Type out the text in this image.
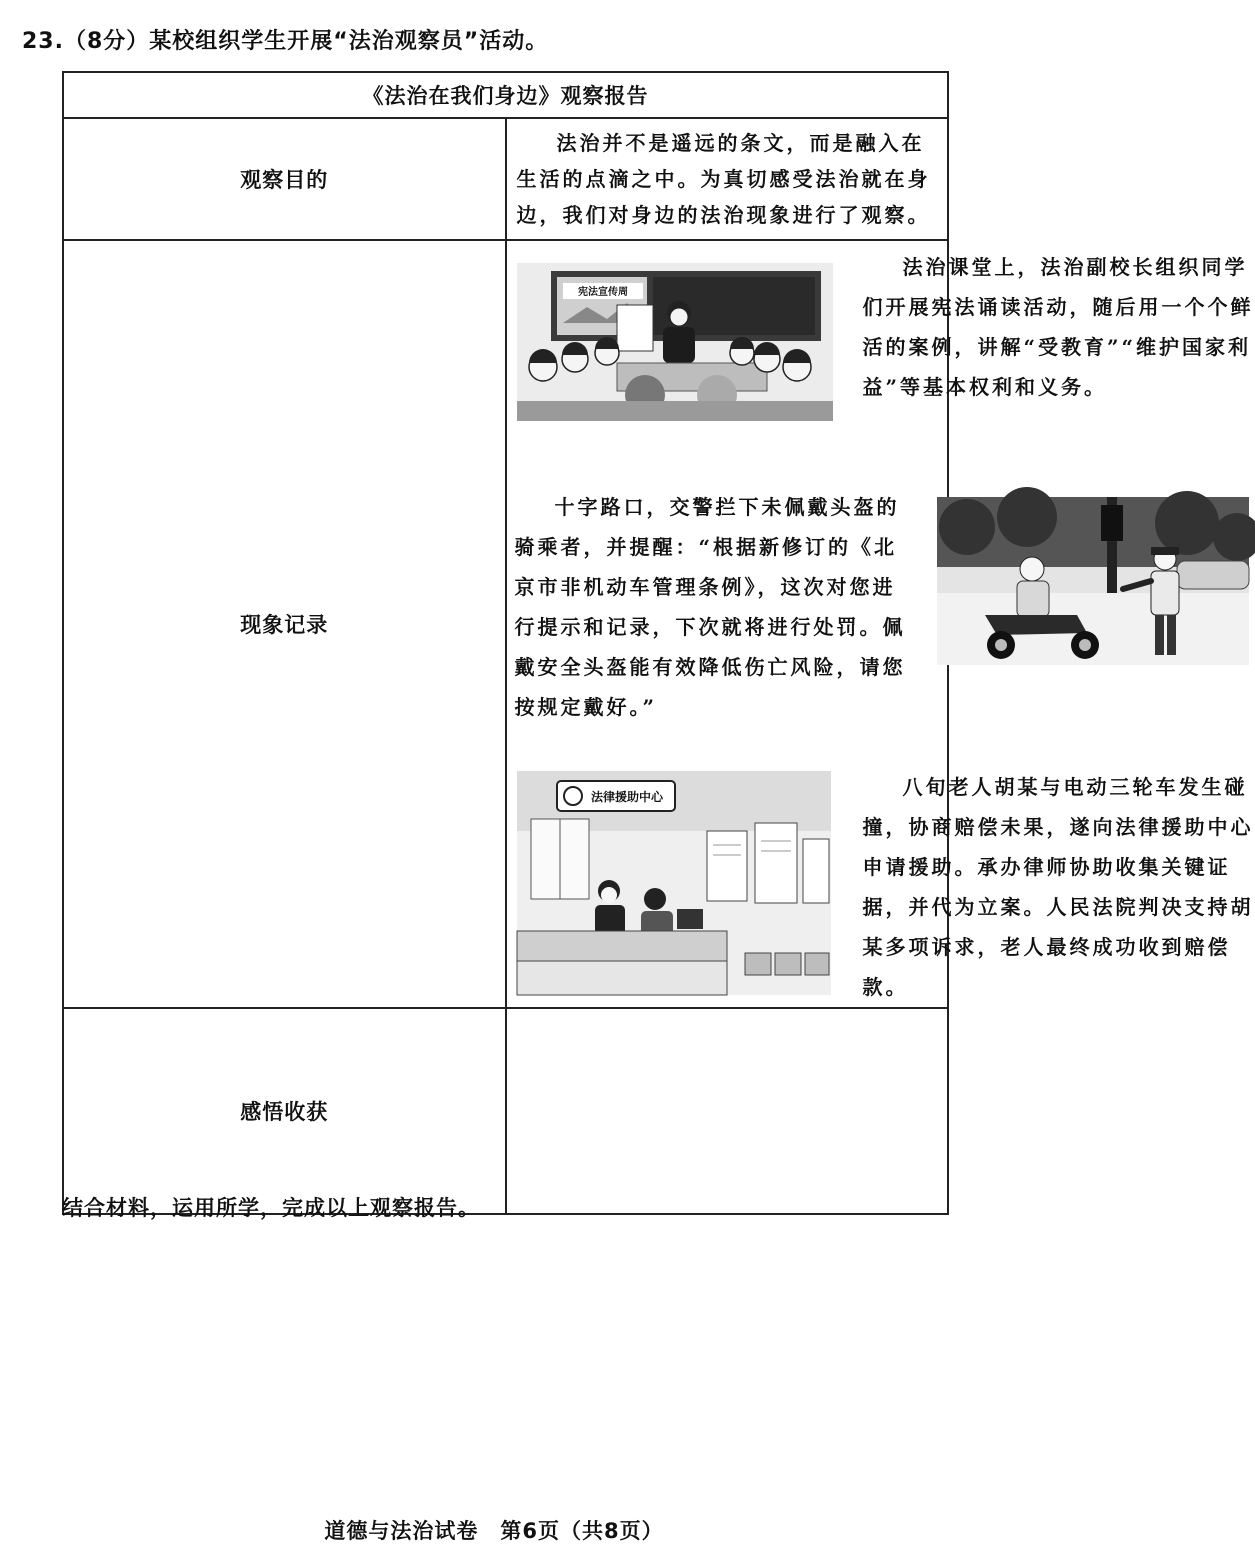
23.（8分）某校组织学生开展“法治观察员”活动。
《法治在我们身边》观察报告	
观察目的	法治并不是遥远的条文，而是融入在生活的点滴之中。为真切感受法治就在身边，我们对身边的法治现象进行了观察。

现象记录	宪法宣传周

法治课堂上，法治副校长组织同学们开展宪法诵读活动，随后用一个个鲜活的案例，讲解“受教育”“维护国家利益”等基本权利和义务。

十字路口，交警拦下未佩戴头盔的骑乘者，并提醒：“根据新修订的《北京市非机动车管理条例》，这次对您进行提示和记录，下次就将进行处罚。佩戴安全头盔能有效降低伤亡风险，请您按规定戴好。”

法律援助中心 八旬老人胡某与电动三轮车发生碰撞，协商赔偿未果，遂向法律援助中心申请援助。承办律师协助收集关键证据，并代为立案。人民法院判决支持胡某多项诉求，老人最终成功收到赔偿款。

感悟收获	
结合材料，运用所学，完成以上观察报告。
道德与法治试卷　第6页（共8页）
